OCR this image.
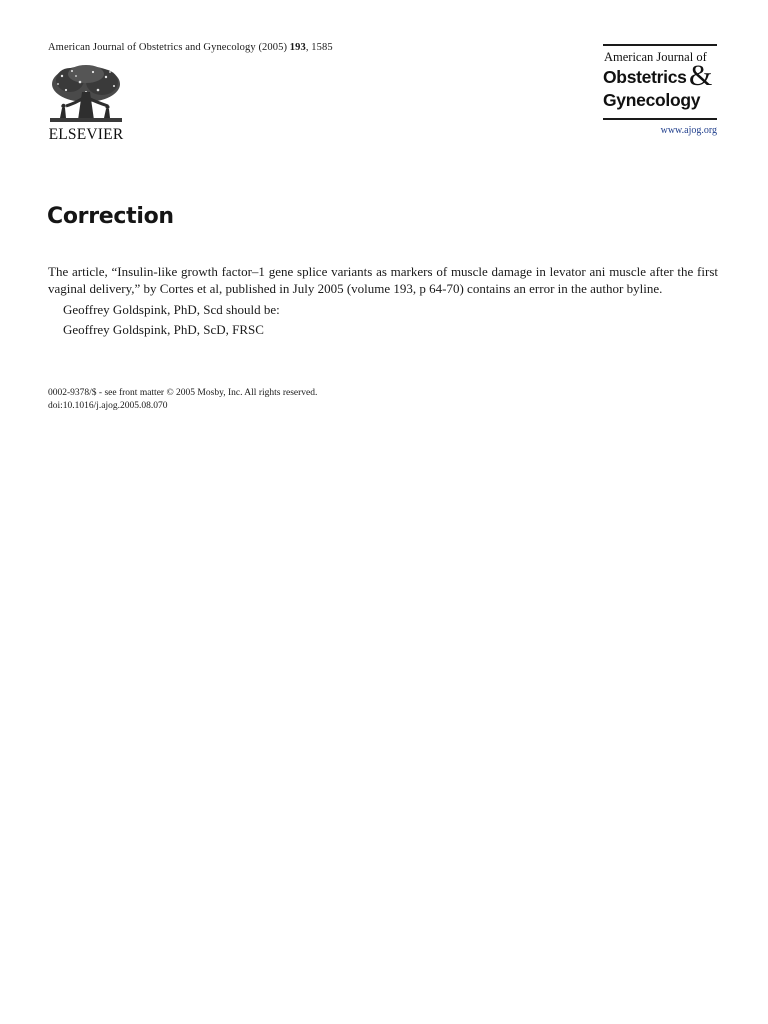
American Journal of Obstetrics and Gynecology (2005) 193, 1585
ELSEVIER
American Journal of
Obstetrics &
Gynecology
www.ajog.org
Correction

The article, “Insulin-like growth factor–1 gene splice variants as markers of muscle damage in levator ani muscle after the first vaginal delivery,” by Cortes et al, published in July 2005 (volume 193, p 64-70) contains an error in the author byline.

Geoffrey Goldspink, PhD, Scd should be:

Geoffrey Goldspink, PhD, ScD, FRSC

0002-9378/$ - see front matter © 2005 Mosby, Inc. All rights reserved.
doi:10.1016/j.ajog.2005.08.070
